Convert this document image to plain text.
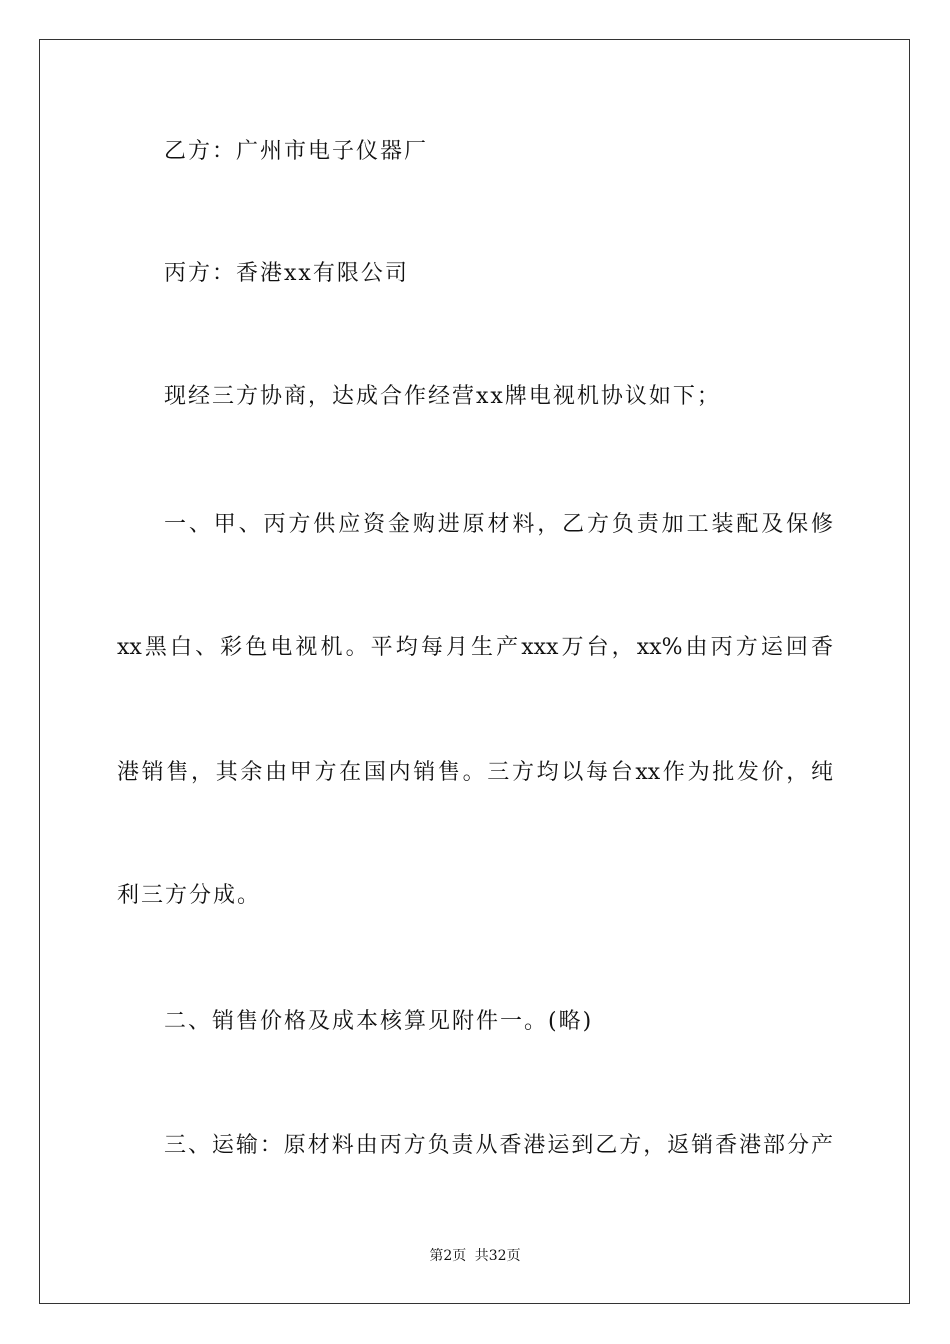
乙方：广州市电子仪器厂
丙方：香港xx有限公司
现经三方协商，达成合作经营xx牌电视机协议如下；
一、甲、丙方供应资金购进原材料，乙方负责加工装配及保修
xx黑白、彩色电视机。平均每月生产xxx万台，xx%由丙方运回香
港销售，其余由甲方在国内销售。三方均以每台xx作为批发价，纯
利三方分成。
二、销售价格及成本核算见附件一。(略)
三、运输：原材料由丙方负责从香港运到乙方，返销香港部分产
第2页 共32页
